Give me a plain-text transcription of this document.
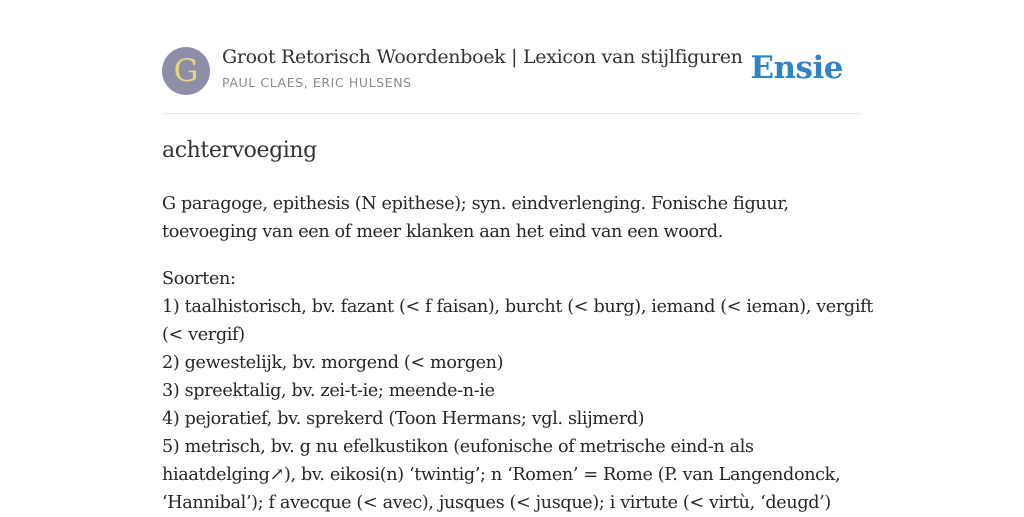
G	Groot Retorisch Woordenboek | Lexicon van stijlfiguren
PAUL CLAES, ERIC HULSENS	Ensie
achtervoeging

G paragoge, epithesis (N epithese); syn. eindverlenging. Fonische figuur, toevoeging van een of meer klanken aan het eind van een woord.

Soorten:
1) taalhistorisch, bv. fazant (< f faisan), burcht (< burg), iemand (< ieman), vergift
(< vergif)
2) gewestelijk, bv. morgend (< morgen)
3) spreektalig, bv. zei-t-ie; meende-n-ie
4) pejoratief, bv. sprekerd (Toon Hermans; vgl. slijmerd)
5) metrisch, bv. g nu efelkustikon (eufonische of metrische eind-n als
hiaatdelging↗), bv. eikosi(n) ‘twintig’; n ‘Romen’ = Rome (P. van Langendonck,
‘Hannibal’); f avecque (< avec), jusques (< jusque); i virtute (< virtù, ‘deugd’)
